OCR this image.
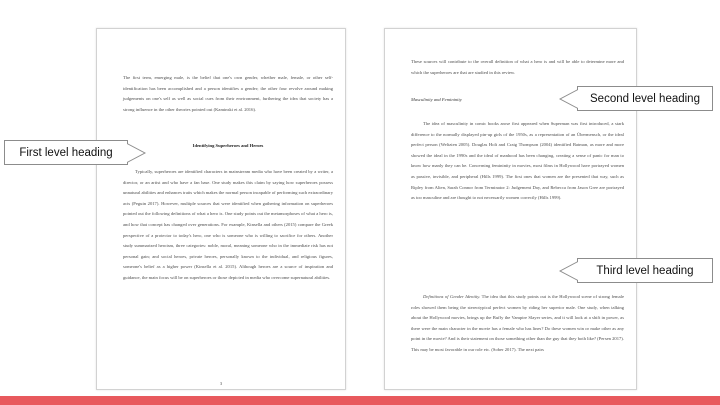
The first term, emerging male, is the belief that one's own gender, whether male, female, or other self-identification has been accomplished and a person identifies a gender; the other four revolve around making judgements on one's self as well as social cues from their environment, furthering the idea that society has a strong influence in the other theories pointed out (Kaminski et al. 2016).

Identifying Superheroes and Heroes

Typically, superheroes are identified characters in mainstream media who have been created by a writer, a director, or an artist and who have a fan base. One study makes this claim by saying how superheroes possess unnatural abilities and enhances traits which makes the normal person incapable of performing such extraordinary acts (Peguin 2017). However, multiple sources that were identified when gathering information on superheroes pointed out the following definitions of what a hero is. One study points out the metamorphoses of what a hero is, and how that concept has changed over generations. For example, Kinsella and others (2015) compare the Greek perspective of a protector to today's hero, one who is someone who is willing to sacrifice for others. Another study summarized heroism, three categories: noble, moral, meaning someone who in the immediate risk has not personal gain; and social heroes, private heroes, personally known to the individual, and religious figures, someone's belief as a higher power (Kinsella et al. 2015). Although heroes are a source of inspiration and guidance, the main focus will be on superheroes or those depicted in media who overcome supernatural abilities.

3

These sources will contribute to the overall definition of what a hero is and will be able to determine more and which the superheroes are that are studied in this review.

Masculinity and Femininity

The idea of masculinity in comic books arose first appeared when Superman was first introduced, a stark difference to the normally displayed pin-up girls of the 1950s, as a representation of an Übermensch, or the ideal perfect person (Weltzien 2005). Douglas Holt and Craig Thompson (2004) identified Batman, as more and more showed the ideal in the 1990s and the ideal of manhood has been changing, creating a sense of panic for man to know how manly they can be. Concerning femininity in movies, most films in Hollywood have portrayed women as passive, invisible, and peripheral (Hills 1999). The first ones that women are the presented that way, such as Ripley from Alien, Sarah Connor from Terminator 2: Judgement Day, and Rebecca from Jason Gree are portrayed as too masculine and are thought to not necessarily women correctly (Hills 1999).

Definitions of Gender Identity. The idea that this study points out is the Hollywood scene of strong female roles showed them being the stereotypical perfect women by riding her superior male. One study, when talking about the Hollywood movies, brings up the Buffy the Vampire Slayer series, and it will look at a shift in power, as there were the main character in the movie has a female who has lines? Do these women win or make other as any point in the movie? And is their statement on those something other than the guy that they both like? (Persen 2017). This may be most favorable in our role etc. (Sober 2017). The next pairs

First level heading
Second level heading
Third level heading
